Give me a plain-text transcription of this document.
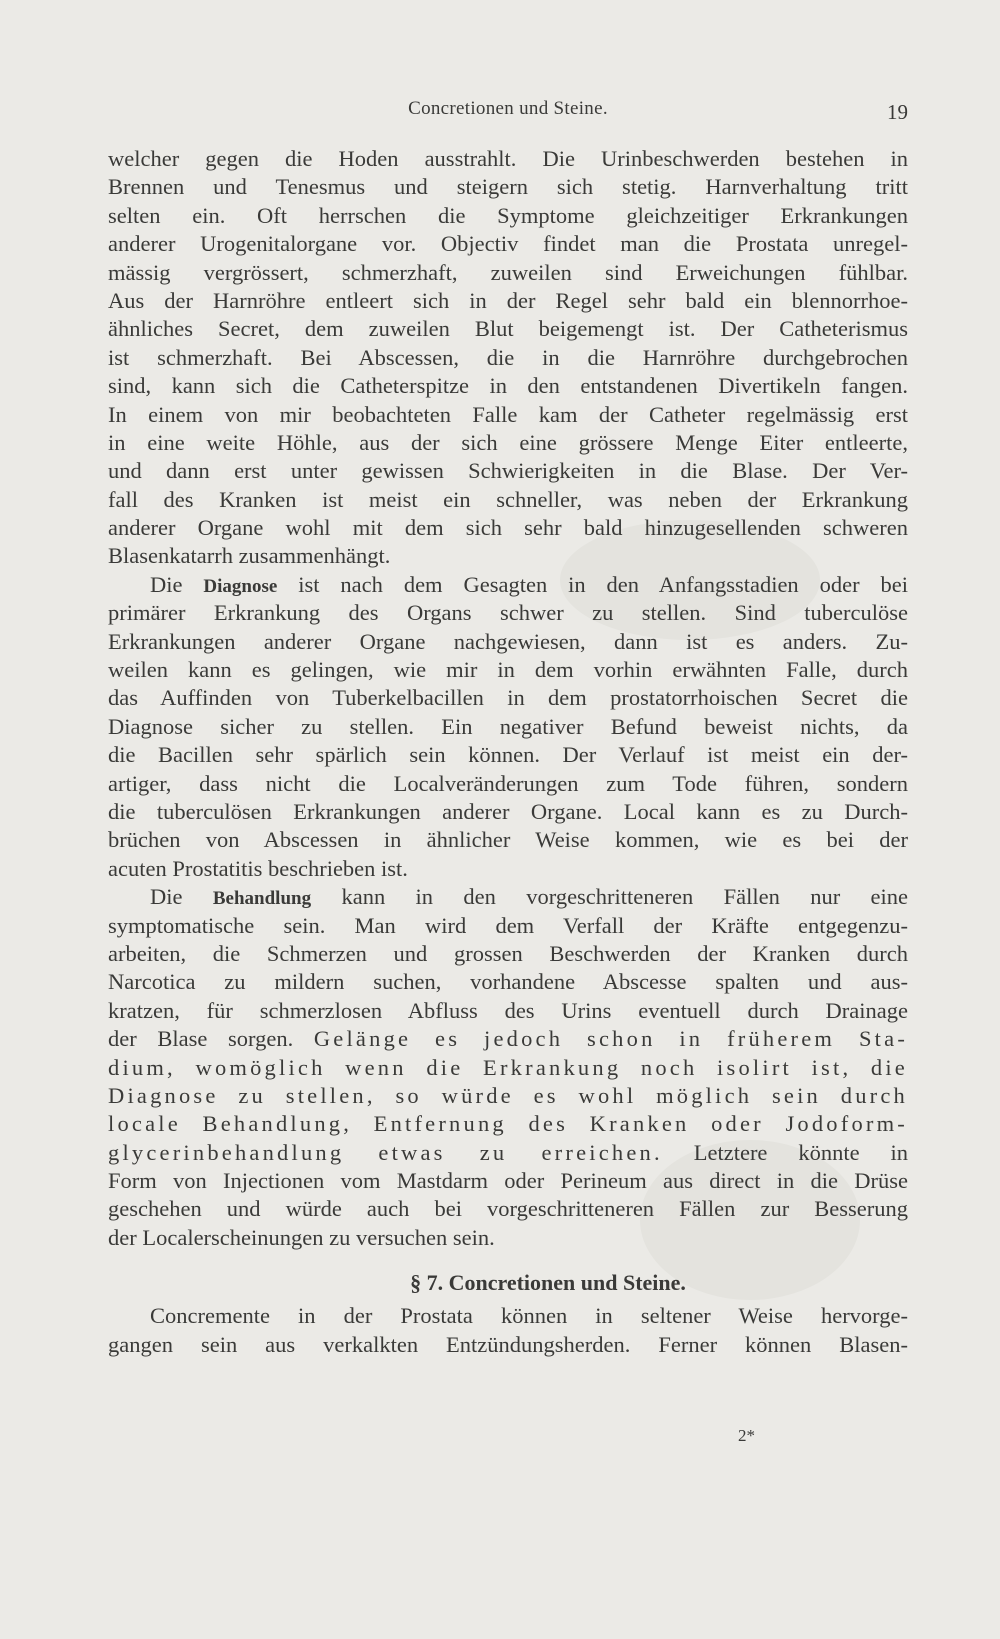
Concretionen und Steine.	19
welcher gegen die Hoden ausstrahlt. Die Urinbeschwerden bestehen in
Brennen und Tenesmus und steigern sich stetig. Harnverhaltung tritt
selten ein. Oft herrschen die Symptome gleichzeitiger Erkrankungen
anderer Urogenitalorgane vor. Objectiv findet man die Prostata unregel-
mässig vergrössert, schmerzhaft, zuweilen sind Erweichungen fühlbar.
Aus der Harnröhre entleert sich in der Regel sehr bald ein blennorrhoe-
ähnliches Secret, dem zuweilen Blut beigemengt ist. Der Catheterismus
ist schmerzhaft. Bei Abscessen, die in die Harnröhre durchgebrochen
sind, kann sich die Catheterspitze in den entstandenen Divertikeln fangen.
In einem von mir beobachteten Falle kam der Catheter regelmässig erst
in eine weite Höhle, aus der sich eine grössere Menge Eiter entleerte,
und dann erst unter gewissen Schwierigkeiten in die Blase. Der Ver-
fall des Kranken ist meist ein schneller, was neben der Erkrankung
anderer Organe wohl mit dem sich sehr bald hinzugesellenden schweren
Blasenkatarrh zusammenhängt.
Die Diagnose ist nach dem Gesagten in den Anfangsstadien oder bei
primärer Erkrankung des Organs schwer zu stellen. Sind tuberculöse
Erkrankungen anderer Organe nachgewiesen, dann ist es anders. Zu-
weilen kann es gelingen, wie mir in dem vorhin erwähnten Falle, durch
das Auffinden von Tuberkelbacillen in dem prostatorrhoischen Secret die
Diagnose sicher zu stellen. Ein negativer Befund beweist nichts, da
die Bacillen sehr spärlich sein können. Der Verlauf ist meist ein der-
artiger, dass nicht die Localveränderungen zum Tode führen, sondern
die tuberculösen Erkrankungen anderer Organe. Local kann es zu Durch-
brüchen von Abscessen in ähnlicher Weise kommen, wie es bei der
acuten Prostatitis beschrieben ist.
Die Behandlung kann in den vorgeschritteneren Fällen nur eine
symptomatische sein. Man wird dem Verfall der Kräfte entgegenzu-
arbeiten, die Schmerzen und grossen Beschwerden der Kranken durch
Narcotica zu mildern suchen, vorhandene Abscesse spalten und aus-
kratzen, für schmerzlosen Abfluss des Urins eventuell durch Drainage
der Blase sorgen. Gelänge es jedoch schon in früherem Sta-
dium, womöglich wenn die Erkrankung noch isolirt ist, die
Diagnose zu stellen, so würde es wohl möglich sein durch
locale Behandlung, Entfernung des Kranken oder Jodoform-
glycerinbehandlung etwas zu erreichen. Letztere könnte in
Form von Injectionen vom Mastdarm oder Perineum aus direct in die Drüse
geschehen und würde auch bei vorgeschritteneren Fällen zur Besserung
der Localerscheinungen zu versuchen sein.
§ 7. Concretionen und Steine.
Concremente in der Prostata können in seltener Weise hervorge-
gangen sein aus verkalkten Entzündungsherden. Ferner können Blasen-
2*
